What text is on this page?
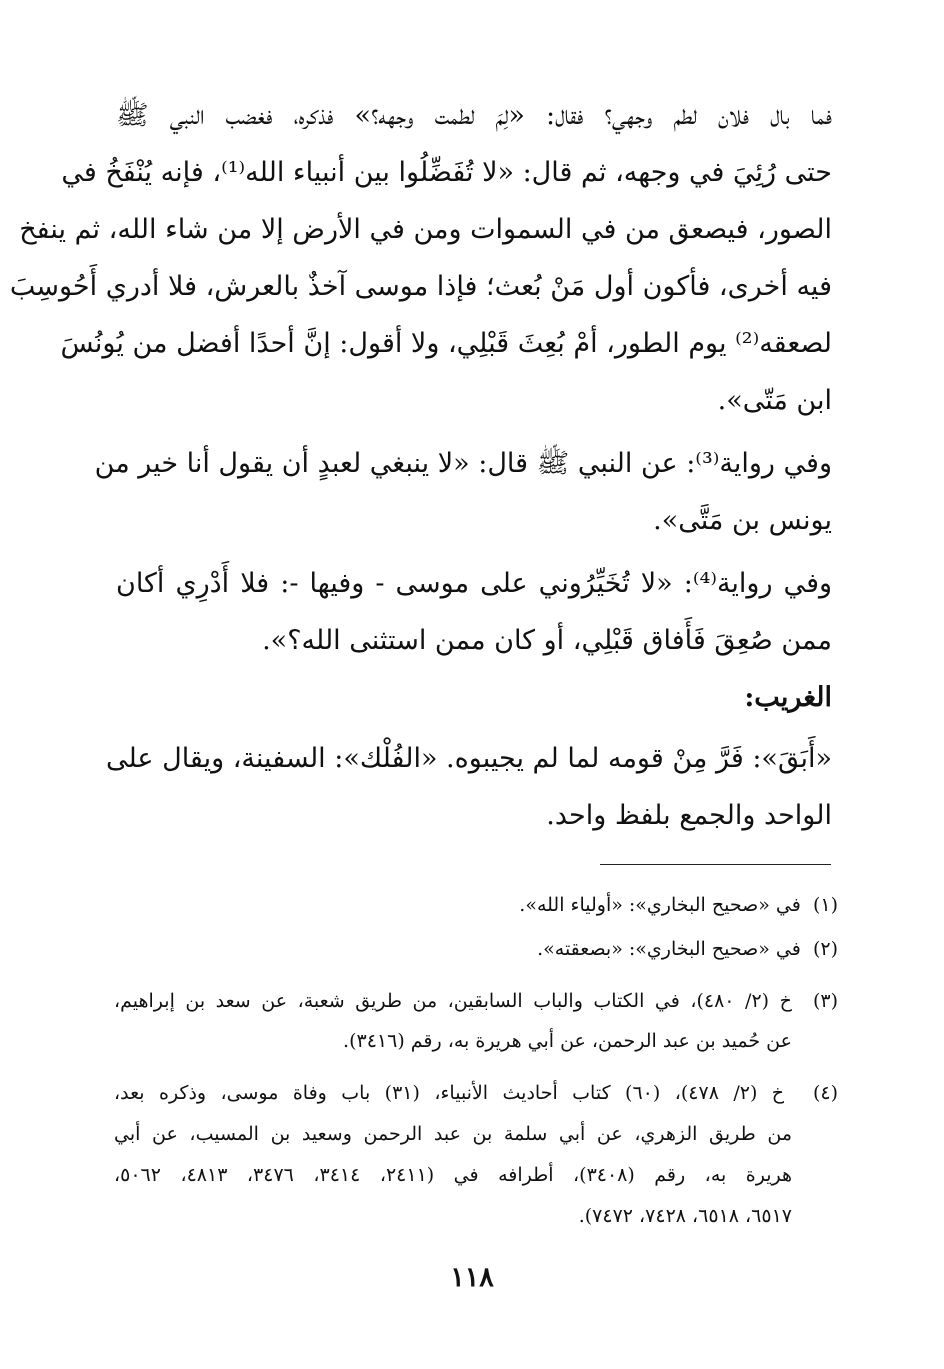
فما بال فلان لطم وجهي؟ فقال: «لِمَ لطمت وجهه؟» فذكره، فغضب النبي ﷺ
حتى رُئِيَ في وجهه، ثم قال: «لا تُفَضِّلُوا بين أنبياء الله⁽¹⁾، فإنه يُنْفَخُ في
الصور، فيصعق من في السموات ومن في الأرض إلا من شاء الله، ثم ينفخ
فيه أخرى، فأكون أول مَنْ بُعث؛ فإذا موسى آخذٌ بالعرش، فلا أدري أَحُوسِبَ
لصعقه⁽²⁾ يوم الطور، أمْ بُعِثَ قَبْلِي، ولا أقول: إنَّ أحدًا أفضل من يُونُسَ
ابن مَتّى».
وفي رواية⁽³⁾: عن النبي ﷺ قال: «لا ينبغي لعبدٍ أن يقول أنا خير من
يونس بن مَتَّى».
وفي رواية⁽⁴⁾: «لا تُخَيِّرُوني على موسى - وفيها -: فلا أَدْرِي أكان
ممن صُعِقَ فَأَفاق قَبْلِي، أو كان ممن استثنى الله؟».
الغريب:
«أَبَقَ»: فَرَّ مِنْ قومه لما لم يجيبوه. «الفُلْك»: السفينة، ويقال على
الواحد والجمع بلفظ واحد.
(١)  في «صحيح البخاري»: «أولياء الله».
(٢)  في «صحيح البخاري»: «بصعقته».
(٣)  خ (٢/ ٤٨٠)، في الكتاب والباب السابقين، من طريق شعبة، عن سعد بن إبراهيم،
عن حُميد بن عبد الرحمن، عن أبي هريرة به، رقم (٣٤١٦).
(٤)  خ (٢/ ٤٧٨)، (٦٠) كتاب أحاديث الأنبياء، (٣١) باب وفاة موسى، وذكره بعد،
من طريق الزهري، عن أبي سلمة بن عبد الرحمن وسعيد بن المسيب، عن أبي
هريرة به، رقم (٣٤٠٨)، أطرافه في (٢٤١١، ٣٤١٤، ٣٤٧٦، ٤٨١٣، ٥٠٦٢،
٦٥١٧، ٦٥١٨، ٧٤٢٨، ٧٤٧٢).
١١٨
